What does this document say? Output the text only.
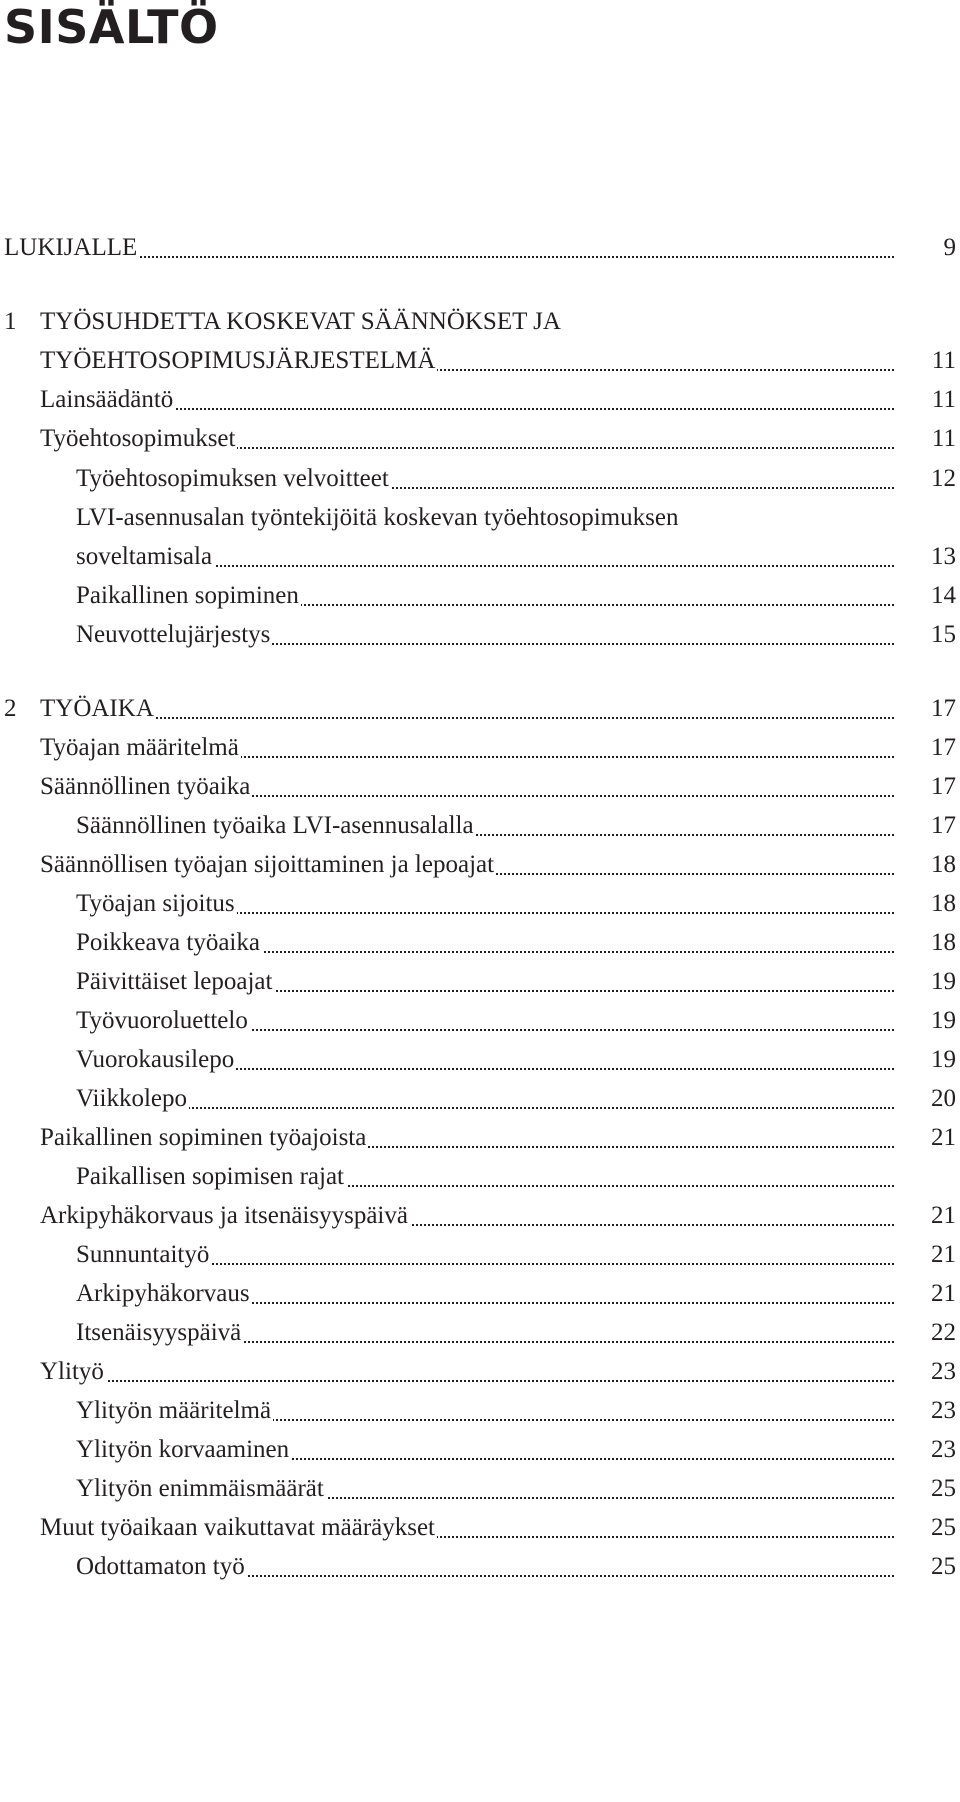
SISÄLTÖ
LUKIJALLE	9
1 TYÖSUHDETTA KOSKEVAT SÄÄNNÖKSET JA
TYÖEHTOSOPIMUSJÄRJESTELMÄ	11
Lainsäädäntö	11
Työehtosopimukset	11
Työehtosopimuksen velvoitteet	12
LVI-asennusalan työntekijöitä koskevan työehtosopimuksen
soveltamisala	13
Paikallinen sopiminen	14
Neuvottelujärjestys	15
2 TYÖAIKA	17
Työajan määritelmä	17
Säännöllinen työaika	17
Säännöllinen työaika LVI-asennusalalla	17
Säännöllisen työajan sijoittaminen ja lepoajat	18
Työajan sijoitus	18
Poikkeava työaika	18
Päivittäiset lepoajat	19
Työvuoroluettelo	19
Vuorokausilepo	19
Viikkolepo	20
Paikallinen sopiminen työajoista	21
Paikallisen sopimisen rajat
Arkipyhäkorvaus ja itsenäisyyspäivä	21
Sunnuntaityö	21
Arkipyhäkorvaus	21
Itsenäisyyspäivä	22
Ylityö	23
Ylityön määritelmä	23
Ylityön korvaaminen	23
Ylityön enimmäismäärät	25
Muut työaikaan vaikuttavat määräykset	25
Odottamaton työ	25
